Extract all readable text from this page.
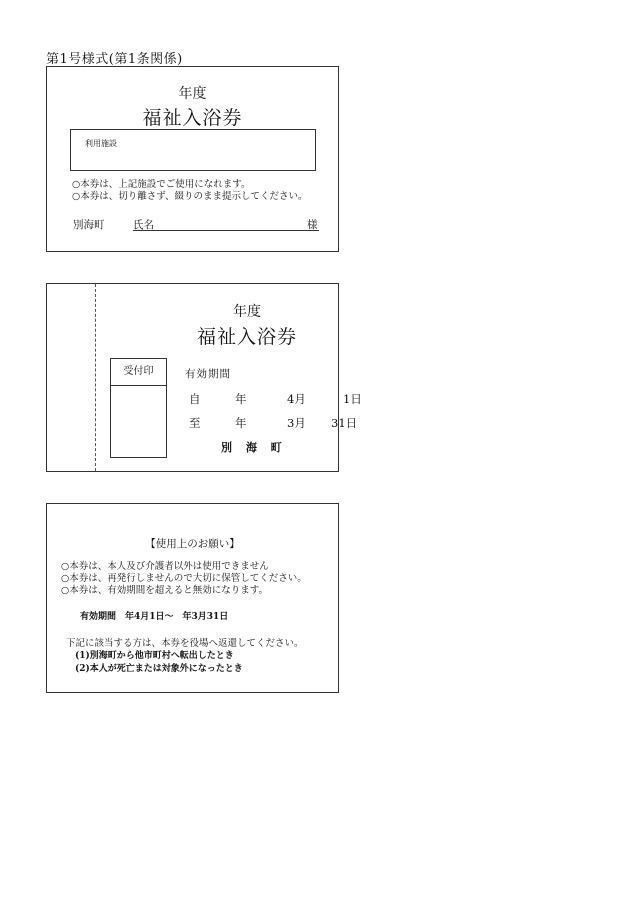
第1号様式(第1条関係)
年度
福祉入浴券
利用施設
○本券は、上記施設でご使用になれます。
○本券は、切り離さず、綴りのまま提示してください。
別海町	氏名	様
年度
福祉入浴券
受付印	有効期間
自	年	4月	1日
至	年	3月 31日
別 海 町
【使用上のお願い】
○本券は、本人及び介護者以外は使用できません
○本券は、再発行しませんので大切に保管してください。
○本券は、有効期間を超えると無効になります。
有効期間　年4月1日～　年3月31日
下記に該当する方は、本券を役場へ返還してください。
(1)別海町から他市町村へ転出したとき
(2)本人が死亡または対象外になったとき
